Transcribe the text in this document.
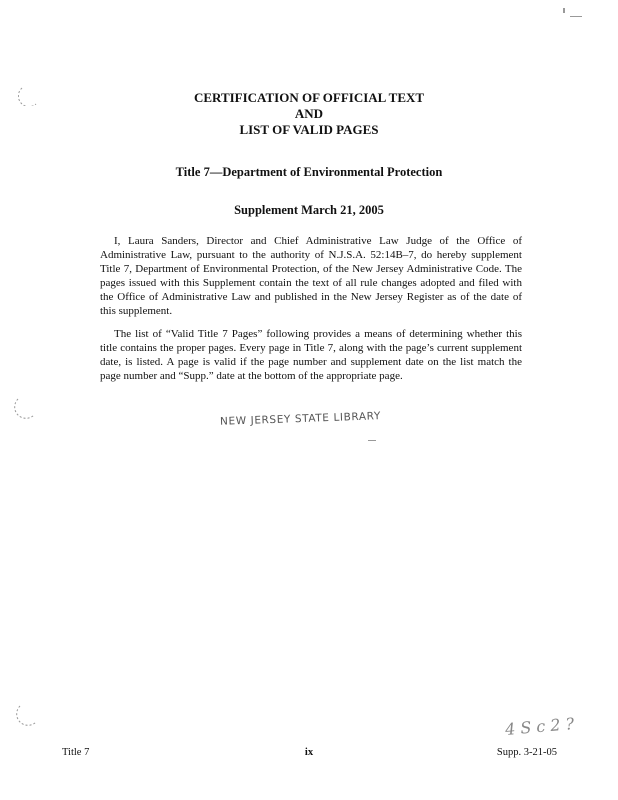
CERTIFICATION OF OFFICIAL TEXT
AND
LIST OF VALID PAGES
Title 7—Department of Environmental Protection
Supplement March 21, 2005

I, Laura Sanders, Director and Chief Administrative Law Judge of the Office of Administrative Law, pursuant to the authority of N.J.S.A. 52:14B–7, do hereby supplement Title 7, Department of Environmental Protection, of the New Jersey Administrative Code. The pages issued with this Supplement contain the text of all rule changes adopted and filed with the Office of Administrative Law and published in the New Jersey Register as of the date of this supplement.

The list of “Valid Title 7 Pages” following provides a means of determining whether this title contains the proper pages. Every page in Title 7, along with the page’s current supplement date, is listed. A page is valid if the page number and supplement date on the list match the page number and “Supp.” date at the bottom of the appropriate page.

NEW JERSEY STATE LIBRARY
4 S c 2 ?
Title 7	ix	Supp. 3-21-05
